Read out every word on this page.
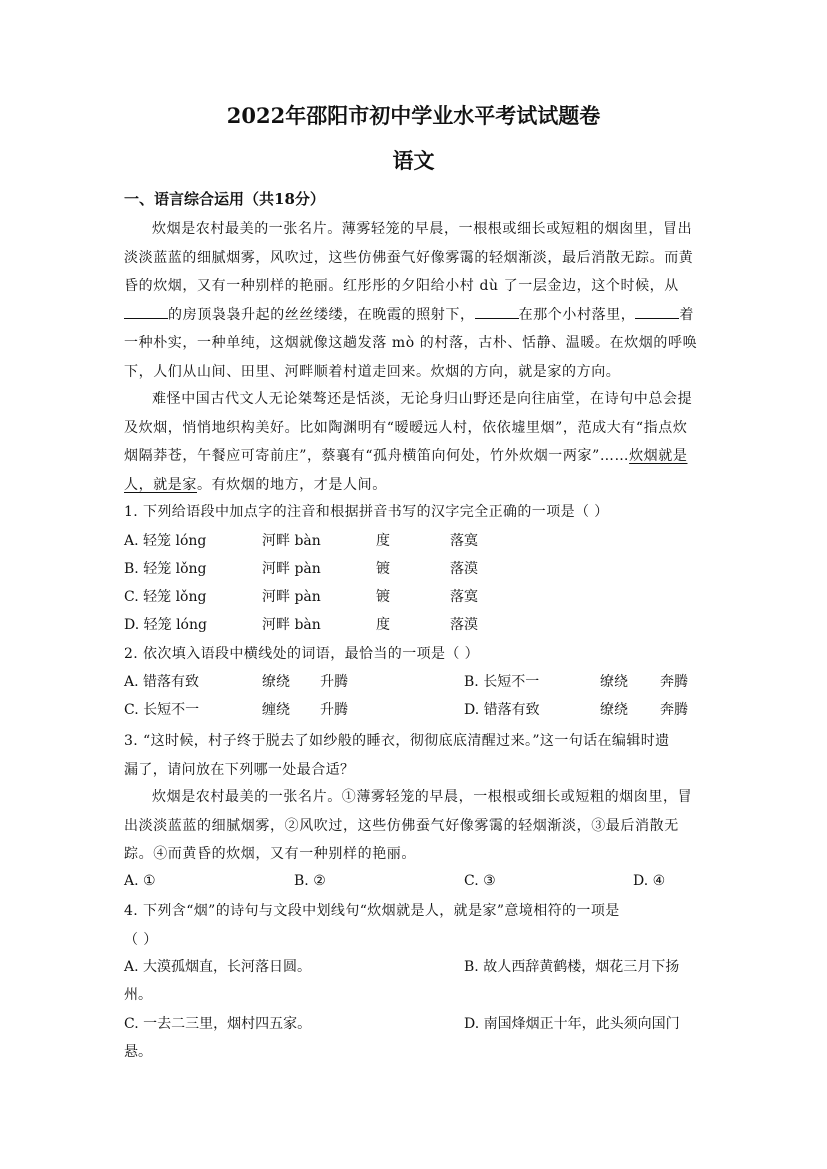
2022年邵阳市初中学业水平考试试题卷
语文
一、语言综合运用（共18分）
炊烟是农村最美的一张名片。薄雾轻笼的早晨，一根根或细长或短粗的烟囱里，冒出
淡淡蓝蓝的细腻烟雾，风吹过，这些仿佛蚕气好像雾霭的轻烟渐淡，最后消散无踪。而黄
昏的炊烟，又有一种别样的艳丽。红彤彤的夕阳给小村 dù 了一层金边，这个时候，从
的房顶袅袅升起的丝丝缕缕，在晚霞的照射下，	在那个小村落里，	着
一种朴实，一种单纯，这烟就像这趟发落 mò 的村落，古朴、恬静、温暖。在炊烟的呼唤
下，人们从山间、田里、河畔顺着村道走回来。炊烟的方向，就是家的方向。
难怪中国古代文人无论桀骜还是恬淡，无论身归山野还是向往庙堂，在诗句中总会提
及炊烟，悄悄地织构美好。比如陶渊明有“暧暧远人村，依依墟里烟”，范成大有“指点炊
烟隔莽苍，午餐应可寄前庄”，蔡襄有“孤舟横笛向何处，竹外炊烟一两家”……炊烟就是
人，就是家。有炊烟的地方，才是人间。
1. 下列给语段中加点字的注音和根据拼音书写的汉字完全正确的一项是（ ）
A. 轻笼 lóng	河畔 bàn	度	落寞
B. 轻笼 lǒng	河畔 pàn	镀	落漠
C. 轻笼 lǒng	河畔 pàn	镀	落寞
D. 轻笼 lóng	河畔 bàn	度	落漠
2. 依次填入语段中横线处的词语，最恰当的一项是（ ）
A. 错落有致	缭绕 升腾	B. 长短不一	缭绕 奔腾
C. 长短不一	缠绕 升腾	D. 错落有致	缭绕 奔腾
3. “这时候，村子终于脱去了如纱般的睡衣，彻彻底底清醒过来。”这一句话在编辑时遗
漏了，请问放在下列哪一处最合适？
炊烟是农村最美的一张名片。①薄雾轻笼的早晨，一根根或细长或短粗的烟囱里，冒
出淡淡蓝蓝的细腻烟雾，②风吹过，这些仿佛蚕气好像雾霭的轻烟渐淡，③最后消散无
踪。④而黄昏的炊烟，又有一种别样的艳丽。
A. ①	B. ②	C. ③	D. ④
4. 下列含“烟”的诗句与文段中划线句“炊烟就是人，就是家”意境相符的一项是
（ ）
A. 大漠孤烟直，长河落日圆。	B. 故人西辞黄鹤楼，烟花三月下扬
州。
C. 一去二三里，烟村四五家。	D. 南国烽烟正十年，此头须向国门
悬。
